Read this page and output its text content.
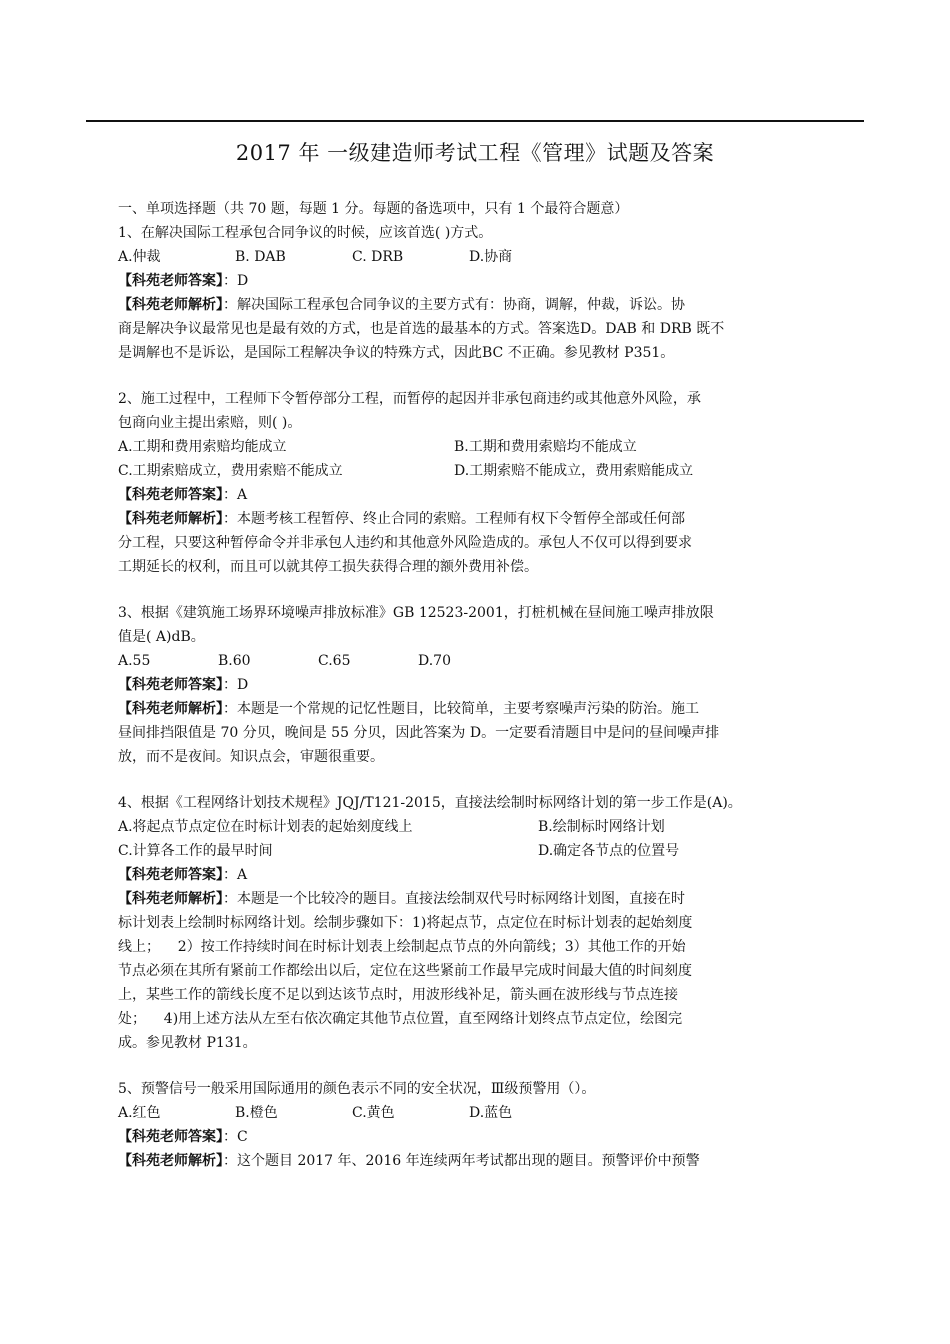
2017 年 一级建造师考试工程《管理》试题及答案
一、单项选择题（共 70 题，每题 1 分。每题的备选项中，只有 1 个最符合题意）
1、在解决国际工程承包合同争议的时候，应该首选( )方式。
A.仲裁	B. DAB	C. DRB	D.协商
【科苑老师答案】：D
【科苑老师解析】：解决国际工程承包合同争议的主要方式有：协商，调解，仲裁，诉讼。协
商是解决争议最常见也是最有效的方式，也是首选的最基本的方式。答案选D。DAB 和 DRB 既不
是调解也不是诉讼，是国际工程解决争议的特殊方式，因此BC 不正确。参见教材 P351。
2、施工过程中，工程师下令暂停部分工程，而暂停的起因并非承包商违约或其他意外风险，承
包商向业主提出索赔，则( )。
A.工期和费用索赔均能成立	B.工期和费用索赔均不能成立
C.工期索赔成立，费用索赔不能成立	D.工期索赔不能成立，费用索赔能成立
【科苑老师答案】：A
【科苑老师解析】：本题考核工程暂停、终止合同的索赔。工程师有权下令暂停全部或任何部
分工程，只要这种暂停命令并非承包人违约和其他意外风险造成的。承包人不仅可以得到要求
工期延长的权利，而且可以就其停工损失获得合理的额外费用补偿。
3、根据《建筑施工场界环境噪声排放标准》GB 12523-2001，打桩机械在昼间施工噪声排放限
值是( A)dB。
A.55	B.60	C.65	D.70
【科苑老师答案】：D
【科苑老师解析】：本题是一个常规的记忆性题目，比较简单，主要考察噪声污染的防治。施工
昼间排挡限值是 70 分贝，晚间是 55 分贝，因此答案为 D。一定要看清题目中是问的昼间噪声排
放，而不是夜间。知识点会，审题很重要。
4、根据《工程网络计划技术规程》JQJ/T121-2015，直接法绘制时标网络计划的第一步工作是(A)。
A.将起点节点定位在时标计划表的起始刻度线上	B.绘制标时网络计划
C.计算各工作的最早时间	D.确定各节点的位置号
【科苑老师答案】：A
【科苑老师解析】：本题是一个比较冷的题目。直接法绘制双代号时标网络计划图，直接在时
标计划表上绘制时标网络计划。绘制步骤如下：1)将起点节，点定位在时标计划表的起始刻度
线上；    2）按工作持续时间在时标计划表上绘制起点节点的外向箭线；3）其他工作的开始
节点必须在其所有紧前工作都绘出以后，定位在这些紧前工作最早完成时间最大值的时间刻度
上，某些工作的箭线长度不足以到达该节点时，用波形线补足，箭头画在波形线与节点连接
处；    4)用上述方法从左至右依次确定其他节点位置，直至网络计划终点节点定位，绘图完
成。参见教材 P131。
5、预警信号一般采用国际通用的颜色表示不同的安全状况，Ⅲ级预警用（）。
A.红色	B.橙色	C.黄色	D.蓝色
【科苑老师答案】：C
【科苑老师解析】：这个题目 2017 年、2016 年连续两年考试都出现的题目。预警评价中预警
